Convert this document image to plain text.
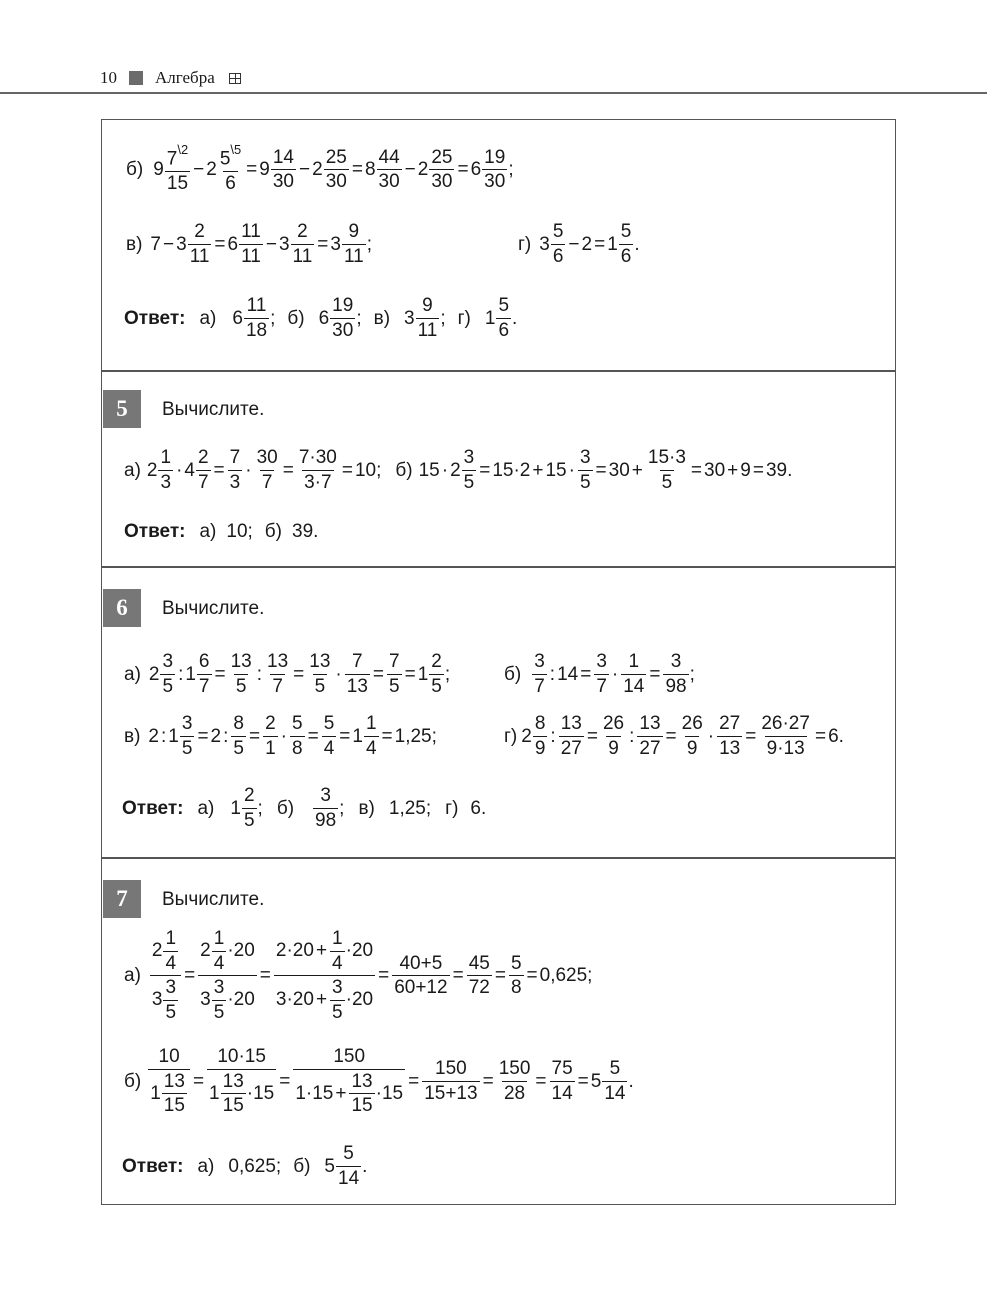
10 Алгебра
б) $9 \frac{7^{\backslash 2}}{15} - 2 \frac{5^{\backslash 5}}{6} = 9 \frac{14}{30} - 2 \frac{25}{30} = 8 \frac{44}{30} - 2 \frac{25}{30} = 6 \frac{19}{30}$ ;
в) $7 - 3 \frac{2}{11} = 6 \frac{11}{11} - 3 \frac{2}{11} = 3 \frac{9}{11}$ ;	г) $3 \frac{5}{6} - 2 = 1 \frac{5}{6}$ .
Ответ: а) $6 \frac{11}{18}$ ; б) $6 \frac{19}{30}$ ; в) $3 \frac{9}{11}$ ; г) $1 \frac{5}{6}$ .
5	Вычислите.
а) $2 \frac{1}{3} \cdot 4 \frac{2}{7} = \frac{7}{3} \cdot \frac{30}{7} = \frac{7\cdot 30}{3\cdot 7} = 10$ ; б) $15 \cdot 2 \frac{3}{5} = 15\cdot 2 + 15 \cdot \frac{3}{5} = 30 + \frac{15\cdot 3}{5} = 30 + 9 = 39$ .
Ответ: а) 10 ; б) 39 .
6	Вычислите.
а) $2 \frac{3}{5}$ : $1 \frac{6}{7} = \frac{13}{5}$ : $\frac{13}{7} = \frac{13}{5} \cdot \frac{7}{13} = \frac{7}{5} = 1 \frac{2}{5}$ ;	$б) \frac{3}{7}$ : $14 = \frac{3}{7} \cdot \frac{1}{14} = \frac{3}{98}$ ;
в) 2 : $1 \frac{3}{5} = 2$ : $\frac{8}{5} = \frac{2}{1} \cdot \frac{5}{8} = \frac{5}{4} = 1 \frac{1}{4} = 1,25$ ;	г) $2 \frac{8}{9}$ : $\frac{13}{27} = \frac{26}{9}$ : $\frac{13}{27} = \frac{26}{9} \cdot \frac{27}{13} = \frac{26\cdot 27}{9\cdot 13} = 6$ .
Ответ: а) $1 \frac{2}{5}$ ; $б) \frac{3}{98}$ ; в) 1,25 ; г) 6 .
7	Вычислите.
$а) \frac{2 \frac{1}{4}}{3 \frac{3}{5}} = \frac{2 \frac{1}{4} \cdot 20}{3 \frac{3}{5} \cdot 20} = \frac{2\cdot 20 + \frac{1}{4} \cdot 20}{3\cdot 20 + \frac{3}{5} \cdot 20} = \frac{40+5}{60+12} = \frac{45}{72} = \frac{5}{8} = 0,625$ ;
$б) \frac{10}{1 \frac{13}{15}} = \frac{10\cdot 15}{1 \frac{13}{15} \cdot 15} = \frac{150}{1\cdot 15 + \frac{13}{15} \cdot 15} = \frac{150}{15+13} = \frac{150}{28} = \frac{75}{14} = 5 \frac{5}{14}$ .
Ответ: а) 0,625 ; б) $5 \frac{5}{14}$ .
